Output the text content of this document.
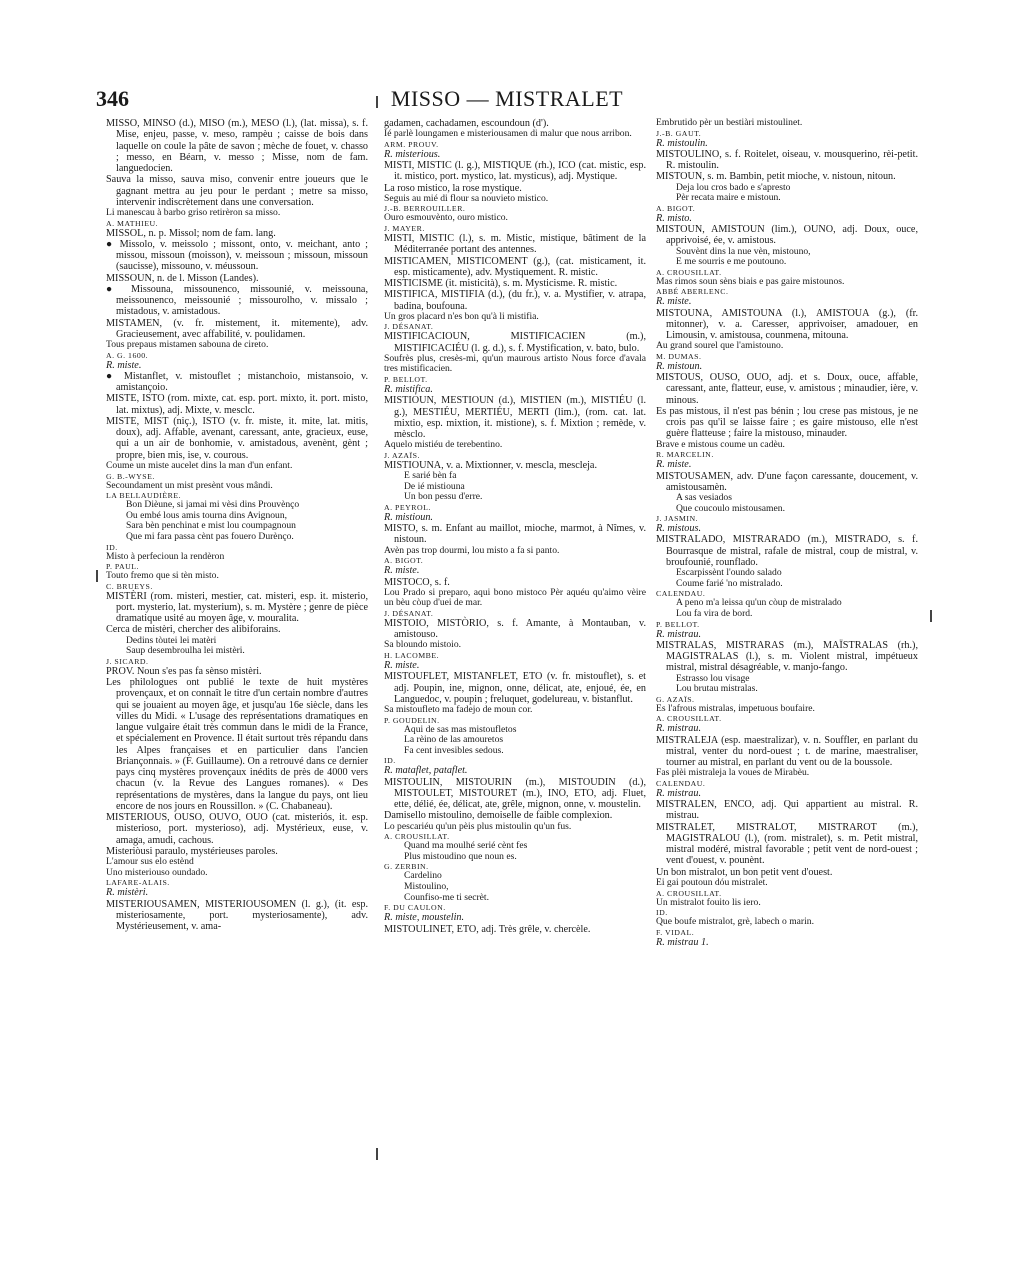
346	MISSO — MISTRALET

MISSO, MINSO (d.), MISO (m.), MESO (l.), (lat. missa), s. f. Mise, enjeu, passe, v. meso, rampèu ; caisse de bois dans laquelle on coule la pâte de savon ; mèche de fouet, v. chasso ; messo, en Béarn, v. messo ; Misse, nom de fam. languedocien.

Sauva la misso, sauva miso, convenir entre joueurs que le gagnant mettra au jeu pour le perdant ; metre sa misso, intervenir indiscrètement dans une conversation.

Li manescau à barbo griso retirèron sa misso.

A. MATHIEU.

MISSOL, n. p. Missol; nom de fam. lang.

● Missolo, v. meissolo ; missont, onto, v. meichant, anto ; missou, missoun (moisson), v. meissoun ; missoun, missoun (saucisse), missouno, v. méussoun.

MISSOUN, n. de l. Misson (Landes).

● Missouna, missounenco, missounié, v. meissouna, meissounenco, meissounié ; missourolho, v. missalo ; mistadous, v. amistadous.

MISTAMEN, (v. fr. mistement, it. mitemente), adv. Gracieusement, avec affabilité, v. poulidamen.

Tous prepaus mistamen sabouna de cireto.

A. G. 1600.

R. miste.

● Mistanflet, v. mistouflet ; mistanchoio, mistansoio, v. amistançoio.

MISTE, ISTO (rom. mixte, cat. esp. port. mixto, it. port. misto, lat. mixtus), adj. Mixte, v. mesclc.

MISTE, MIST (niç.), ISTO (v. fr. miste, it. mite, lat. mitis, doux), adj. Affable, avenant, caressant, ante, gracieux, euse, qui a un air de bonhomie, v. amistadous, avenènt, gènt ; propre, bien mis, ise, v. courous.

Coume un miste aucelet dins la man d'un enfant.

G. B.-WYSE.

Secoundament un mist presènt vous mândi.

LA BELLAUDIÈRE.

Bon Dièune, si jamai mi vèsi dins Prouvènço

Ou embé lous amis tourna dins Avignoun,

Sara bèn penchinat e mist lou coumpagnoun

Que mi fara passa cènt pas fouero Durènço.

ID.

Misto à perfecioun la rendèron

P. PAUL.

Touto fremo que si tèn misto.

C. BRUEYS.

MISTÈRI (rom. misteri, mestier, cat. misteri, esp. it. misterio, port. mysterio, lat. mysterium), s. m. Mystère ; genre de pièce dramatique usité au moyen âge, v. mouralita.

Cerca de mistèri, chercher des alibiforains.

Dedins tòutei lei matèri

Saup desembroulha lei mistèri.

J. SICARD.

PROV. Noun s'es pas fa sènso mistèri.

Les philologues ont publié le texte de huit mystères provençaux, et on connaît le titre d'un certain nombre d'autres qui se jouaient au moyen âge, et jusqu'au 16e siècle, dans les villes du Midi. « L'usage des représentations dramatiques en langue vulgaire était très commun dans le midi de la France, et spécialement en Provence. Il était surtout très répandu dans les Alpes françaises et en particulier dans l'ancien Briançonnais. » (F. Guillaume). On a retrouvé dans ce dernier pays cinq mystères provençaux inédits de près de 4000 vers chacun (v. la Revue des Langues romanes). « Des représentations de mystères, dans la langue du pays, ont lieu encore de nos jours en Roussillon. » (C. Chabaneau).

MISTERIOUS, OUSO, OUVO, OUO (cat. misteriós, it. esp. misterioso, port. mysterioso), adj. Mystérieux, euse, v. amaga, amudi, cachous.

Misteriòusi paraulo, mystérieuses paroles.

L'amour sus elo estènd

Uno misteriouso oundado.

LAFARE-ALAIS.

R. mistèri.

MISTERIOUSAMEN, MISTERIOUSOMEN (l. g.), (it. esp. misteriosamente, port. mysteriosamente), adv. Mystérieusement, v. ama-

gadamen, cachadamen, escoundoun (d').

Ié parlè loungamen e misteriousamen di malur que nous arribon.

ARM. PROUV.

R. misterious.

MISTI, MISTIC (l. g.), MISTIQUE (rh.), ICO (cat. mistic, esp. it. mistico, port. mystico, lat. mysticus), adj. Mystique.

La roso mistico, la rose mystique.

Seguis au mié di flour sa nouvieto mistico.

J.-B. BERROUILLER.

Ouro esmouvènto, ouro mistico.

J. MAYER.

MISTI, MISTIC (l.), s. m. Mistic, mistique, bâtiment de la Méditerranée portant des antennes.

MISTICAMEN, MISTICOMENT (g.), (cat. misticament, it. esp. misticamente), adv. Mystiquement. R. mistic.

MISTICISME (it. misticità), s. m. Mysticisme. R. mistic.

MISTIFICA, MISTIFIA (d.), (du fr.), v. a. Mystifier, v. atrapa, badina, boufouna.

Un gros placard n'es bon qu'à li mistifia.

J. DÉSANAT.

MISTIFICACIOUN, MISTIFICACIEN (m.), MISTIFICACIÉU (l. g. d.), s. f. Mystification, v. bato, bulo.

Soufrès plus, cresès-mi, qu'un maurous artisto Nous force d'avala tres mistificacien.

P. BELLOT.

R. mistifica.

MISTIOUN, MESTIOUN (d.), MISTIEN (m.), MISTIÉU (l. g.), MESTIÉU, MERTIÉU, MERTI (lim.), (rom. cat. lat. mixtio, esp. mixtion, it. mistione), s. f. Mixtion ; remède, v. mèsclo.

Aquelo mistiéu de terebentino.

J. AZAÏS.

MISTIOUNA, v. a. Mixtionner, v. mescla, mescleja.

E sarié bèn fa

De ié mistiouna

Un bon pessu d'erre.

A. PEYROL.

R. mistioun.

MISTO, s. m. Enfant au maillot, mioche, marmot, à Nîmes, v. nistoun.

Avèn pas trop dourmi, lou misto a fa si panto.

A. BIGOT.

R. miste.

MISTOCO, s. f.

Lou Prado si preparo, aqui bono mistoco Pèr aquéu qu'aimo vèire un bèu còup d'uei de mar.

J. DÉSANAT.

MISTOIO, MISTÒRIO, s. f. Amante, à Montauban, v. amistouso.

Sa bloundo mistoio.

H. LACOMBE.

R. miste.

MISTOUFLET, MISTANFLET, ETO (v. fr. mistouflet), s. et adj. Poupin, ine, mignon, onne, délicat, ate, enjoué, ée, en Languedoc, v. poupin ; freluquet, godelureau, v. bistanflut.

Sa mistoufleto ma fadejo de moun cor.

P. GOUDELIN.

Aqui de sas mas mistoufletos

La rèino de las amouretos

Fa cent invesibles sedous.

ID.

R. mataflet, pataflet.

MISTOULIN, MISTOURIN (m.), MISTOUDIN (d.), MISTOULET, MISTOURET (m.), INO, ETO, adj. Fluet, ette, délié, ée, délicat, ate, grêle, mignon, onne, v. moustelin.

Damisello mistoulino, demoiselle de faible complexion.

Lo pescariéu qu'un pèis plus mistoulin qu'un fus.

A. CROUSILLAT.

Quand ma moulhé serié cènt fes

Plus mistoudino que noun es.

G. ZERBIN.

Cardelino

Mistoulino,

Counfiso-me ti secrèt.

F. DU CAULON.

R. miste, moustelin.

MISTOULINET, ETO, adj. Très grêle, v. chercèle.

Embrutido pèr un bestiàri mistoulinet.

J.-B. GAUT.

R. mistoulin.

MISTOULINO, s. f. Roitelet, oiseau, v. mousquerino, rèi-petit. R. mistoulin.

MISTOUN, s. m. Bambin, petit mioche, v. nistoun, nitoun.

Deja lou cros bado e s'apresto

Pèr recata maire e mistoun.

A. BIGOT.

R. misto.

MISTOUN, AMISTOUN (lim.), OUNO, adj. Doux, ouce, apprivoisé, ée, v. amistous.

Souvènt dins la nue vèn, mistouno,

E me sourris e me poutouno.

A. CROUSILLAT.

Mas rimos soun sèns biais e pas gaire mistounos.

ABBÉ ABERLENC.

R. miste.

MISTOUNA, AMISTOUNA (l.), AMISTOUA (g.), (fr. mitonner), v. a. Caresser, apprivoiser, amadouer, en Limousin, v. amistousa, counmena, mitouna.

Au grand sourel que l'amistouno.

M. DUMAS.

R. mistoun.

MISTOUS, OUSO, OUO, adj. et s. Doux, ouce, affable, caressant, ante, flatteur, euse, v. amistous ; minaudier, ière, v. minous.

Es pas mistous, il n'est pas bénin ; lou crese pas mistous, je ne crois pas qu'il se laisse faire ; es gaire mistouso, elle n'est guère flatteuse ; faire la mistouso, minauder.

Brave e mistous coume un cadèu.

R. MARCELIN.

R. miste.

MISTOUSAMEN, adv. D'une façon caressante, doucement, v. amistousamèn.

A sas vesiados

Que coucoulo mistousamen.

J. JASMIN.

R. mistous.

MISTRALADO, MISTRARADO (m.), MISTRADO, s. f. Bourrasque de mistral, rafale de mistral, coup de mistral, v. broufounié, rounflado.

Escarpissènt l'oundo salado

Coume farié 'no mistralado.

CALENDAU.

A peno m'a leissa qu'un còup de mistralado

Lou fa vira de bord.

P. BELLOT.

R. mistrau.

MISTRALAS, MISTRARAS (m.), MAÏSTRALAS (rh.), MAGISTRALAS (l.), s. m. Violent mistral, impétueux mistral, mistral désagréable, v. manjo-fango.

Estrasso lou visage

Lou brutau mistralas.

G. AZAÏS.

Es l'afrous mistralas, impetuous boufaire.

A. CROUSILLAT.

R. mistrau.

MISTRALEJA (esp. maestralizar), v. n. Souffler, en parlant du mistral, venter du nord-ouest ; t. de marine, maestraliser, tourner au mistral, en parlant du vent ou de la boussole.

Fas plèi mistraleja la voues de Mirabèu.

CALENDAU.

R. mistrau.

MISTRALEN, ENCO, adj. Qui appartient au mistral. R. mistrau.

MISTRALET, MISTRALOT, MISTRAROT (m.), MAGISTRALOU (l.), (rom. mistralet), s. m. Petit mistral, mistral modéré, mistral favorable ; petit vent de nord-ouest ; vent d'ouest, v. pounènt.

Un bon mistralot, un bon petit vent d'ouest.

Ei gai poutoun dóu mistralet.

A. CROUSILLAT.

Un mistralot fouito lis iero.

ID.

Que boufe mistralot, grè, labech o marin.

F. VIDAL.

R. mistrau 1.
